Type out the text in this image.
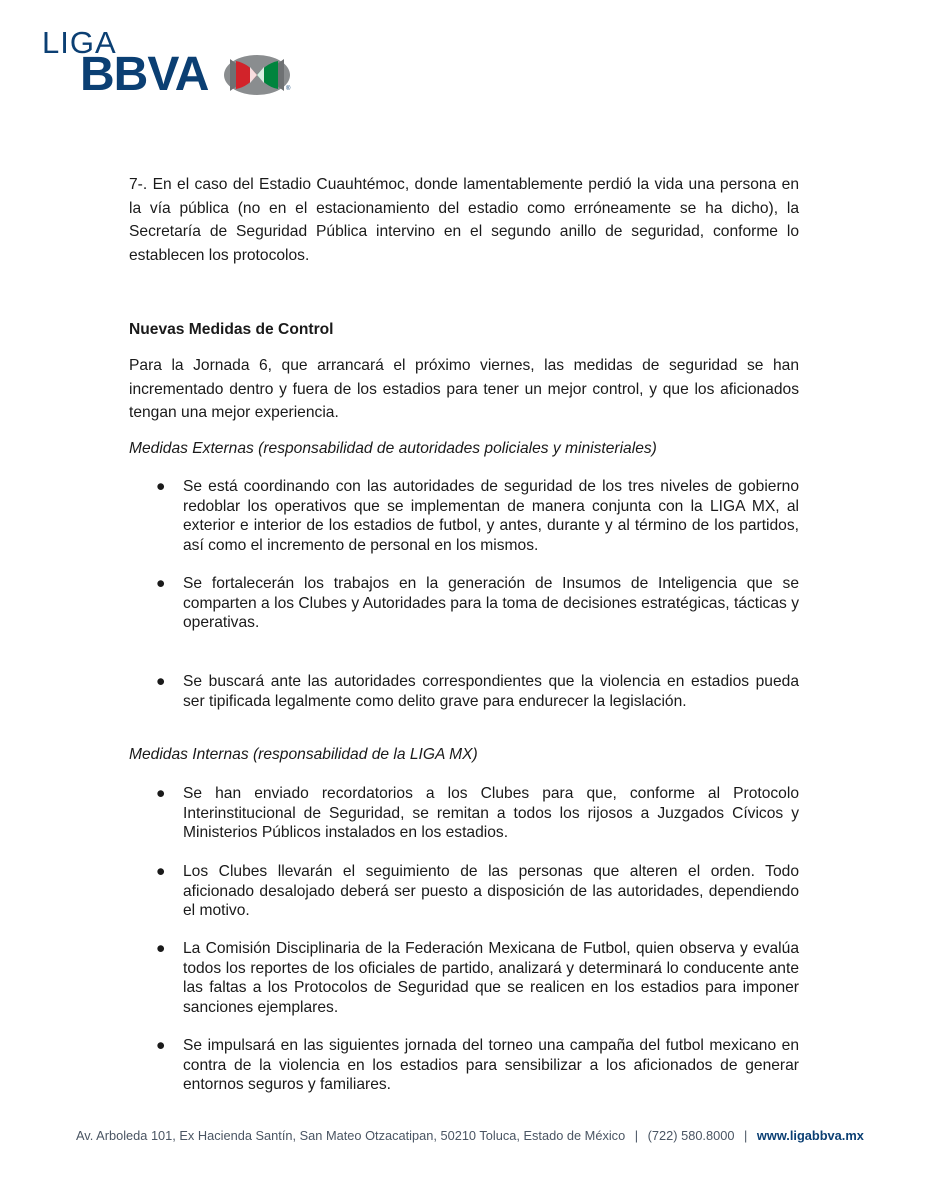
LIGA
BBVA	®

7-. En el caso del Estadio Cuauhtémoc, donde lamentablemente perdió la vida una persona en la vía pública (no en el estacionamiento del estadio como erróneamente se ha dicho), la Secretaría de Seguridad Pública intervino en el segundo anillo de seguridad, conforme lo establecen los protocolos.

Nuevas Medidas de Control

Para la Jornada 6, que arrancará el próximo viernes, las medidas de seguridad se han incrementado dentro y fuera de los estadios para tener un mejor control, y que los aficionados tengan una mejor experiencia.

Medidas Externas (responsabilidad de autoridades policiales y ministeriales)

● Se está coordinando con las autoridades de seguridad de los tres niveles de gobierno redoblar los operativos que se implementan de manera conjunta con la LIGA MX, al exterior e interior de los estadios de futbol, y antes, durante y al término de los partidos, así como el incremento de personal en los mismos.
● Se fortalecerán los trabajos en la generación de Insumos de Inteligencia que se comparten a los Clubes y Autoridades para la toma de decisiones estratégicas, tácticas y operativas.
● Se buscará ante las autoridades correspondientes que la violencia en estadios pueda ser tipificada legalmente como delito grave para endurecer la legislación.

Medidas Internas (responsabilidad de la LIGA MX)

● Se han enviado recordatorios a los Clubes para que, conforme al Protocolo Interinstitucional de Seguridad, se remitan a todos los rijosos a Juzgados Cívicos y Ministerios Públicos instalados en los estadios.
● Los Clubes llevarán el seguimiento de las personas que alteren el orden. Todo aficionado desalojado deberá ser puesto a disposición de las autoridades, dependiendo el motivo.
● La Comisión Disciplinaria de la Federación Mexicana de Futbol, quien observa y evalúa todos los reportes de los oficiales de partido, analizará y determinará lo conducente ante las faltas a los Protocolos de Seguridad que se realicen en los estadios para imponer sanciones ejemplares.
● Se impulsará en las siguientes jornada del torneo una campaña del futbol mexicano en contra de la violencia en los estadios para sensibilizar a los aficionados de generar entornos seguros y familiares.
Av. Arboleda 101, Ex Hacienda Santín, San Mateo Otzacatipan, 50210 Toluca, Estado de México | (722) 580.8000 | www.ligabbva.mx
